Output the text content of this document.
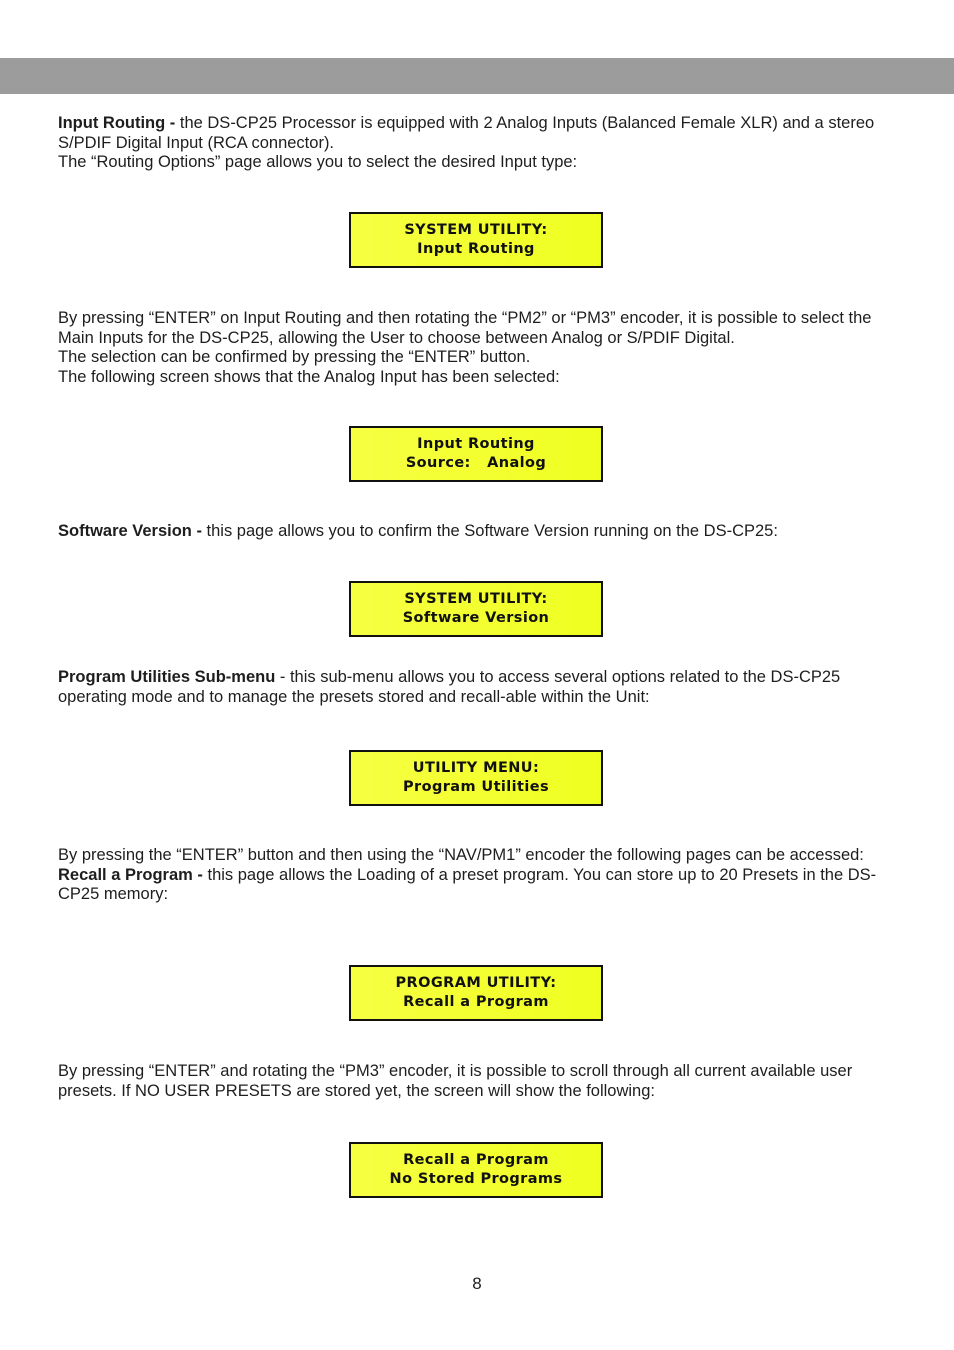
Input Routing - the DS-CP25 Processor is equipped with 2 Analog Inputs (Balanced Female XLR) and a stereo S/PDIF Digital Input (RCA connector).

The “Routing Options” page allows you to select the desired Input type:

SYSTEM UTILITY:
Input Routing

By pressing “ENTER” on Input Routing and then rotating the “PM2” or “PM3” encoder, it is possible to select the Main Inputs for the DS-CP25, allowing the User to choose between Analog or S/PDIF Digital.

The selection can be confirmed by pressing the “ENTER” button.

The following screen shows that the Analog Input has been selected:

Input Routing
Source:   Analog

Software Version - this page allows you to confirm the Software Version running on the DS-CP25:

SYSTEM UTILITY:
Software Version

Program Utilities Sub-menu - this sub-menu allows you to access several options related to the DS-CP25 operating mode and to manage the presets stored and recall-able within the Unit:

UTILITY MENU:
Program Utilities

By pressing the “ENTER” button and then using the “NAV/PM1” encoder the following pages can be accessed:

Recall a Program - this page allows the Loading of a preset program. You can store up to 20 Presets in the DS-CP25 memory:

PROGRAM UTILITY:
Recall a Program

By pressing “ENTER” and rotating the “PM3” encoder, it is possible to scroll through all current available user presets. If NO USER PRESETS are stored yet, the screen will show the following:

Recall a Program
No Stored Programs
8
